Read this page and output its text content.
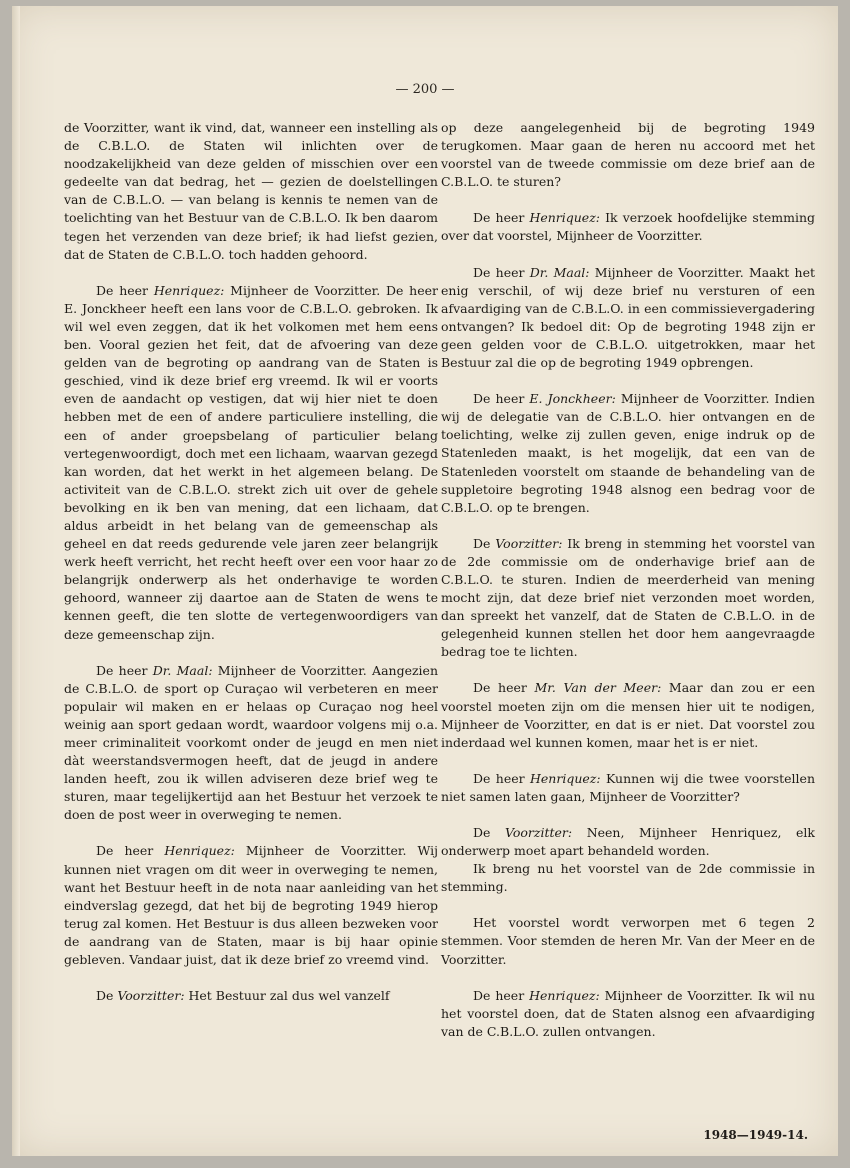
— 200 —

de Voorzitter, want ik vind, dat, wanneer een instelling als de C.B.L.O. de Staten wil inlichten over de noodzakelijkheid van deze gelden of misschien over een gedeelte van dat bedrag, het — gezien de doelstellingen van de C.B.L.O. — van belang is kennis te nemen van de toelichting van het Bestuur van de C.B.L.O. Ik ben daarom tegen het verzenden van deze brief; ik had liefst gezien, dat de Staten de C.B.L.O. toch hadden gehoord.

De heer Henriquez: Mijnheer de Voorzitter. De heer E. Jonckheer heeft een lans voor de C.B.L.O. gebroken. Ik wil wel even zeggen, dat ik het volkomen met hem eens ben. Vooral gezien het feit, dat de afvoering van deze gelden van de begroting op aandrang van de Staten is geschied, vind ik deze brief erg vreemd. Ik wil er voorts even de aandacht op vestigen, dat wij hier niet te doen hebben met de een of andere particuliere instelling, die een of ander groepsbelang of particulier belang vertegenwoordigt, doch met een lichaam, waarvan gezegd kan worden, dat het werkt in het algemeen belang. De activiteit van de C.B.L.O. strekt zich uit over de gehele bevolking en ik ben van mening, dat een lichaam, dat aldus arbeidt in het belang van de gemeenschap als geheel en dat reeds gedurende vele jaren zeer belangrijk werk heeft verricht, het recht heeft over een voor haar zo belangrijk onderwerp als het onderhavige te worden gehoord, wanneer zij daartoe aan de Staten de wens te kennen geeft, die ten slotte de vertegenwoordigers van deze gemeenschap zijn.

De heer Dr. Maal: Mijnheer de Voorzitter. Aangezien de C.B.L.O. de sport op Curaçao wil verbeteren en meer populair wil maken en er helaas op Curaçao nog heel weinig aan sport gedaan wordt, waardoor volgens mij o.a. meer criminaliteit voorkomt onder de jeugd en men niet dàt weerstandsvermogen heeft, dat de jeugd in andere landen heeft, zou ik willen adviseren deze brief weg te sturen, maar tegelijkertijd aan het Bestuur het verzoek te doen de post weer in overweging te nemen.

De heer Henriquez: Mijnheer de Voorzitter. Wij kunnen niet vragen om dit weer in overweging te nemen, want het Bestuur heeft in de nota naar aanleiding van het eindverslag gezegd, dat het bij de begroting 1949 hierop terug zal komen. Het Bestuur is dus alleen bezweken voor de aandrang van de Staten, maar is bij haar opinie gebleven. Vandaar juist, dat ik deze brief zo vreemd vind.

De Voorzitter: Het Bestuur zal dus wel vanzelf

op deze aangelegenheid bij de begroting 1949 terugkomen. Maar gaan de heren nu accoord met het voorstel van de tweede commissie om deze brief aan de C.B.L.O. te sturen?

De heer Henriquez: Ik verzoek hoofdelijke stemming over dat voorstel, Mijnheer de Voorzitter.

De heer Dr. Maal: Mijnheer de Voorzitter. Maakt het enig verschil, of wij deze brief nu versturen of een afvaardiging van de C.B.L.O. in een commissievergadering ontvangen? Ik bedoel dit: Op de begroting 1948 zijn er geen gelden voor de C.B.L.O. uitgetrokken, maar het Bestuur zal die op de begroting 1949 opbrengen.

De heer E. Jonckheer: Mijnheer de Voorzitter. Indien wij de delegatie van de C.B.L.O. hier ontvangen en de toelichting, welke zij zullen geven, enige indruk op de Statenleden maakt, is het mogelijk, dat een van de Statenleden voorstelt om staande de behandeling van de suppletoire begroting 1948 alsnog een bedrag voor de C.B.L.O. op te brengen.

De Voorzitter: Ik breng in stemming het voorstel van de 2de commissie om de onderhavige brief aan de C.B.L.O. te sturen. Indien de meerderheid van mening mocht zijn, dat deze brief niet verzonden moet worden, dan spreekt het vanzelf, dat de Staten de C.B.L.O. in de gelegenheid kunnen stellen het door hem aangevraagde bedrag toe te lichten.

De heer Mr. Van der Meer: Maar dan zou er een voorstel moeten zijn om die mensen hier uit te nodigen, Mijnheer de Voorzitter, en dat is er niet. Dat voorstel zou inderdaad wel kunnen komen, maar het is er niet.

De heer Henriquez: Kunnen wij die twee voorstellen niet samen laten gaan, Mijnheer de Voorzitter?

De Voorzitter: Neen, Mijnheer Henriquez, elk onderwerp moet apart behandeld worden.

Ik breng nu het voorstel van de 2de commissie in stemming.

Het voorstel wordt verworpen met 6 tegen 2 stemmen. Voor stemden de heren Mr. Van der Meer en de Voorzitter.

De heer Henriquez: Mijnheer de Voorzitter. Ik wil nu het voorstel doen, dat de Staten alsnog een afvaardiging van de C.B.L.O. zullen ontvangen.

1948—1949-14.
